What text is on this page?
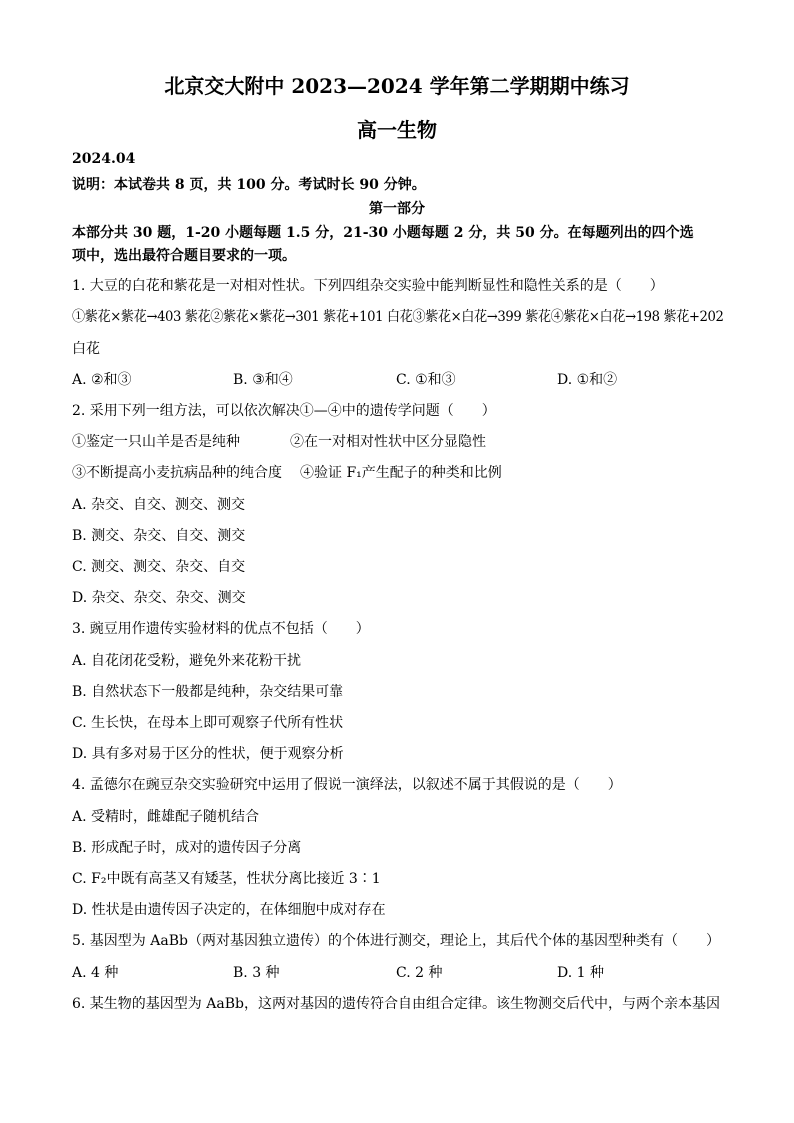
北京交大附中 2023—2024 学年第二学期期中练习
高一生物
2024.04
说明：本试卷共 8 页，共 100 分。考试时长 90 分钟。
第一部分
本部分共 30 题，1-20 小题每题 1.5 分，21-30 小题每题 2 分，共 50 分。在每题列出的四个选
项中，选出最符合题目要求的一项。
1. 大豆的白花和紫花是一对相对性状。下列四组杂交实验中能判断显性和隐性关系的是（　　）
①紫花×紫花→403 紫花②紫花×紫花→301 紫花+101 白花③紫花×白花→399 紫花④紫花×白花→198 紫花+202
白花
A. ②和③	B. ③和④	C. ①和③	D. ①和②
2. 采用下列一组方法，可以依次解决①—④中的遗传学问题（　　）
①鉴定一只山羊是否是纯种	②在一对相对性状中区分显隐性
③不断提高小麦抗病品种的纯合度 ④验证 F₁产生配子的种类和比例
A. 杂交、自交、测交、测交
B. 测交、杂交、自交、测交
C. 测交、测交、杂交、自交
D. 杂交、杂交、杂交、测交
3. 豌豆用作遗传实验材料的优点不包括（　　）
A. 自花闭花受粉，避免外来花粉干扰
B. 自然状态下一般都是纯种，杂交结果可靠
C. 生长快，在母本上即可观察子代所有性状
D. 具有多对易于区分的性状，便于观察分析
4. 孟德尔在豌豆杂交实验研究中运用了假说一演绎法，以叙述不属于其假说的是（　　）
A. 受精时，雌雄配子随机结合
B. 形成配子时，成对的遗传因子分离
C. F₂中既有高茎又有矮茎，性状分离比接近 3∶1
D. 性状是由遗传因子决定的，在体细胞中成对存在
5. 基因型为 AaBb（两对基因独立遗传）的个体进行测交，理论上，其后代个体的基因型种类有（　　）
A. 4 种	B. 3 种	C. 2 种	D. 1 种
6. 某生物的基因型为 AaBb，这两对基因的遗传符合自由组合定律。该生物测交后代中，与两个亲本基因
